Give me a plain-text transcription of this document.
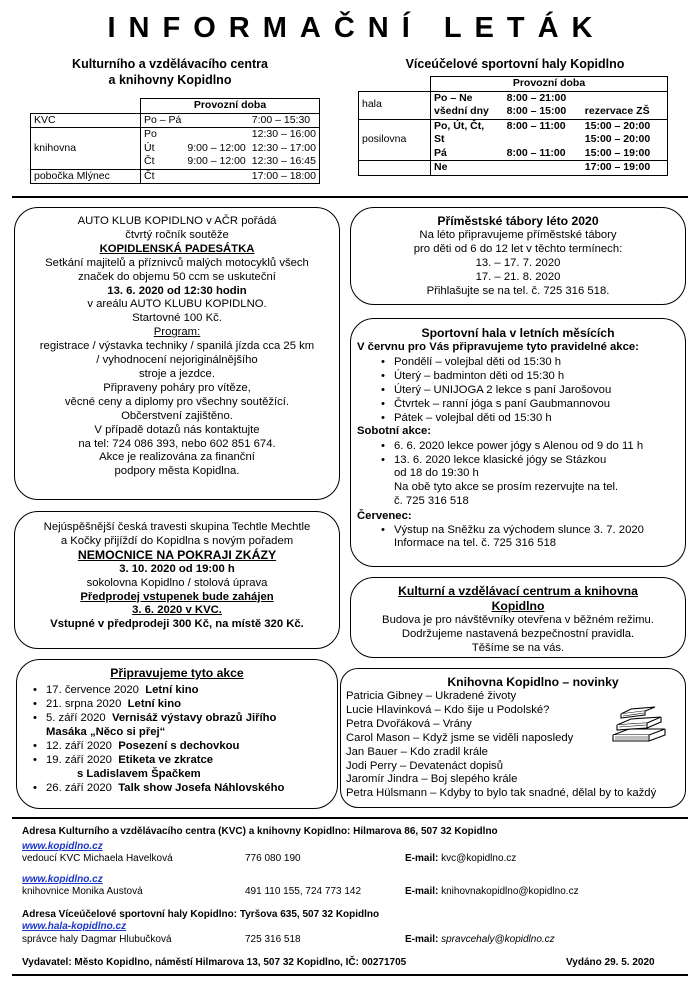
INFORMAČNÍ LETÁK
Kulturního a vzdělávacího centra
a knihovny Kopidlno
	Provozní doba		
KVC	Po – Pá		7:00 – 15:30
	Po		12:30 – 16:00
knihovna	Út	9:00 – 12:00	12:30 – 17:00
	Čt	9:00 – 12:00	12:30 – 16:45
pobočka Mlýnec	Čt		17:00 – 18:00
Víceúčelové sportovní haly Kopidlno
	Provozní doba		
hala	Po – Ne	8:00 – 21:00	
	všední dny	8:00 – 15:00	rezervace ZŠ
posilovna	Po, Út, Čt,	8:00 – 11:00	15:00 – 20:00
	St		15:00 – 20:00
	Pá	8:00 – 11:00	15:00 – 19:00
	Ne		17:00 – 19:00
AUTO KLUB KOPIDLNO v AČR pořádá
čtvrtý ročník soutěže
KOPIDLENSKÁ PADESÁTKA
Setkání majitelů a příznivců malých motocyklů všech
značek do objemu 50 ccm se uskuteční
13. 6. 2020 od 12:30 hodin
v areálu AUTO KLUBU KOPIDLNO.
Startovné 100 Kč.
Program:
registrace / výstavka techniky / spanilá jízda cca 25 km
/ vyhodnocení nejoriginálnějšího
stroje a jezdce.
Připraveny poháry pro vítěze,
věcné ceny a diplomy pro všechny soutěžící.
Občerstvení zajištěno.
V případě dotazů nás kontaktujte
na tel: 724 086 393, nebo 602 851 674.
Akce je realizována za finanční
podpory města Kopidlna.
Nejúspěšnější česká travesti skupina Techtle Mechtle
a Kočky přijíždí do Kopidlna s novým pořadem
NEMOCNICE NA POKRAJI ZKÁZY
3. 10. 2020 od 19:00 h
sokolovna Kopidlno / stolová úprava
Předprodej vstupenek bude zahájen
3. 6. 2020 v KVC.
Vstupné v předprodeji 300 Kč, na místě 320 Kč.
Připravujeme tyto akce
• 17. července 2020 Letní kino
• 21. srpna 2020 Letní kino
• 5. září 2020 Vernisáž výstavy obrazů Jiřího
Masáka „Něco si přej“
• 12. září 2020 Posezení s dechovkou
• 19. září 2020 Etiketa ve zkratce
s Ladislavem Špačkem
• 26. září 2020 Talk show Josefa Náhlovského
Příměstské tábory léto 2020
Na léto připravujeme příměstské tábory
pro děti od 6 do 12 let v těchto termínech:
13. – 17. 7. 2020
17. – 21. 8. 2020
Přihlašujte se na tel. č. 725 316 518.
Sportovní hala v letních měsících
V červnu pro Vás připravujeme tyto pravidelné akce:
• Pondělí – volejbal děti od 15:30 h
• Úterý – badminton děti od 15:30 h
• Úterý – UNIJOGA 2 lekce s paní Jarošovou
• Čtvrtek – ranní jóga s paní Gaubmannovou
• Pátek – volejbal děti od 15:30 h
Sobotní akce:
• 6. 6. 2020 lekce power jógy s Alenou od 9 do 11 h
• 13. 6. 2020 lekce klasické jógy se Stázkou
od 18 do 19:30 h
Na obě tyto akce se prosím rezervujte na tel.
č. 725 316 518
Červenec:
• Výstup na Sněžku za východem slunce 3. 7. 2020
Informace na tel. č. 725 316 518
Kulturní a vzdělávací centrum a knihovna
Kopidlno
Budova je pro návštěvníky otevřena v běžném režimu.
Dodržujeme nastavená bezpečnostní pravidla.
Těšíme se na vás.
Knihovna Kopidlno – novinky
Patricia Gibney – Ukradené životy
Lucie Hlavinková – Kdo šije u Podolské?
Petra Dvořáková – Vrány
Carol Mason – Když jsme se viděli naposledy
Jan Bauer – Kdo zradil krále
Jodi Perry – Devatenáct dopisů
Jaromír Jindra – Boj slepého krále
Petra Hülsmann – Kdyby to bylo tak snadné, dělal by to každý
Adresa Kulturního a vzdělávacího centra (KVC) a knihovny Kopidlno: Hilmarova 86, 507 32 Kopidlno
www.kopidlno.cz
vedoucí KVC Michaela Havelková	776 080 190	E-mail: kvc@kopidlno.cz
www.kopidlno.cz
knihovnice Monika Austová	491 110 155, 724 773 142	E-mail: knihovnakopidlno@kopidlno.cz
Adresa Víceúčelové sportovní haly Kopidlno: Tyršova 635, 507 32 Kopidlno
www.hala-kopidlno.cz
správce haly Dagmar Hlubučková	725 316 518	E-mail: spravcehaly@kopidlno.cz
Vydavatel: Město Kopidlno, náměstí Hilmarova 13, 507 32 Kopidlno, IČ: 00271705	Vydáno 29. 5. 2020
